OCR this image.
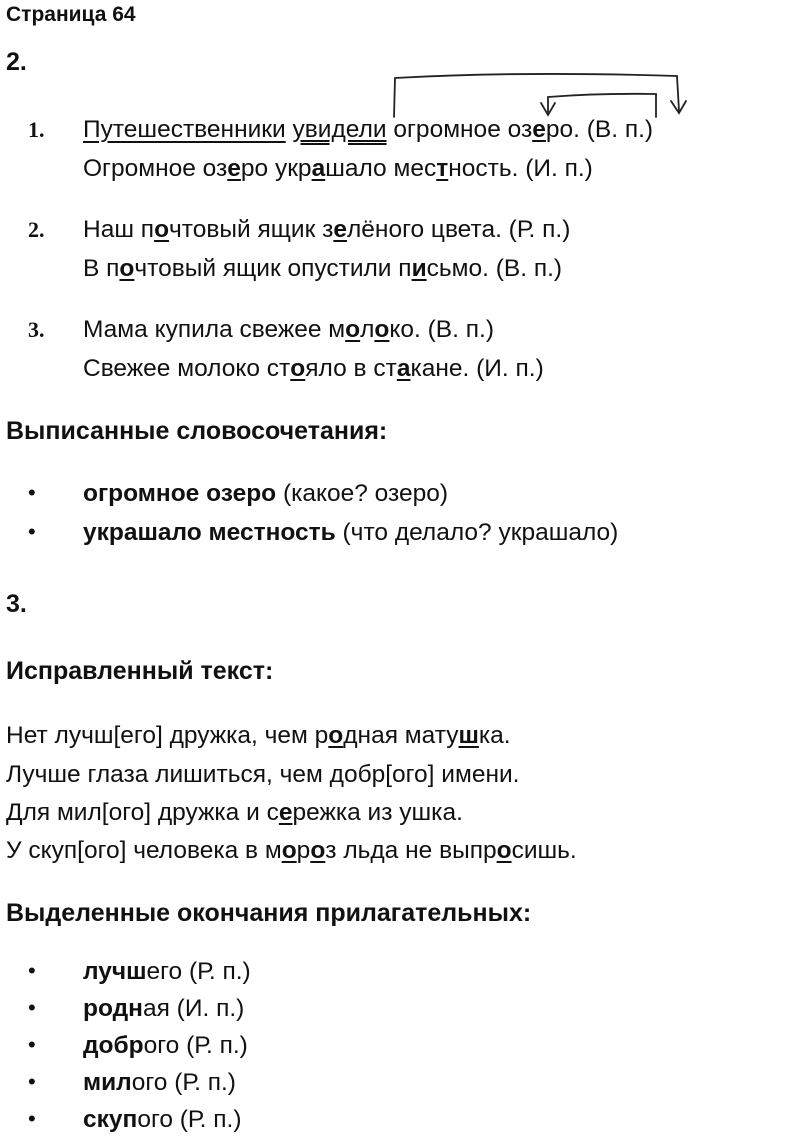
Страница 64
2.
1. Путешественники увидели огромное озеро. (В. п.)
Огромное озеро украшало местность. (И. п.)
2. Наш почтовый ящик зелёного цвета. (Р. п.)
В почтовый ящик опустили письмо. (В. п.)
3. Мама купила свежее молоко. (В. п.)
Свежее молоко стояло в стакане. (И. п.)
Выписанные словосочетания:
• огромное озеро (какое? озеро)
• украшало местность (что делало? украшало)
3.
Исправленный текст:
Нет лучш[его] дружка, чем родная матушка.
Лучше глаза лишиться, чем добр[ого] имени.
Для мил[ого] дружка и сережка из ушка.
У скуп[ого] человека в мороз льда не выпросишь.
Выделенные окончания прилагательных:
• лучшего (Р. п.)
• родная (И. п.)
• доброго (Р. п.)
• милого (Р. п.)
• скупого (Р. п.)
